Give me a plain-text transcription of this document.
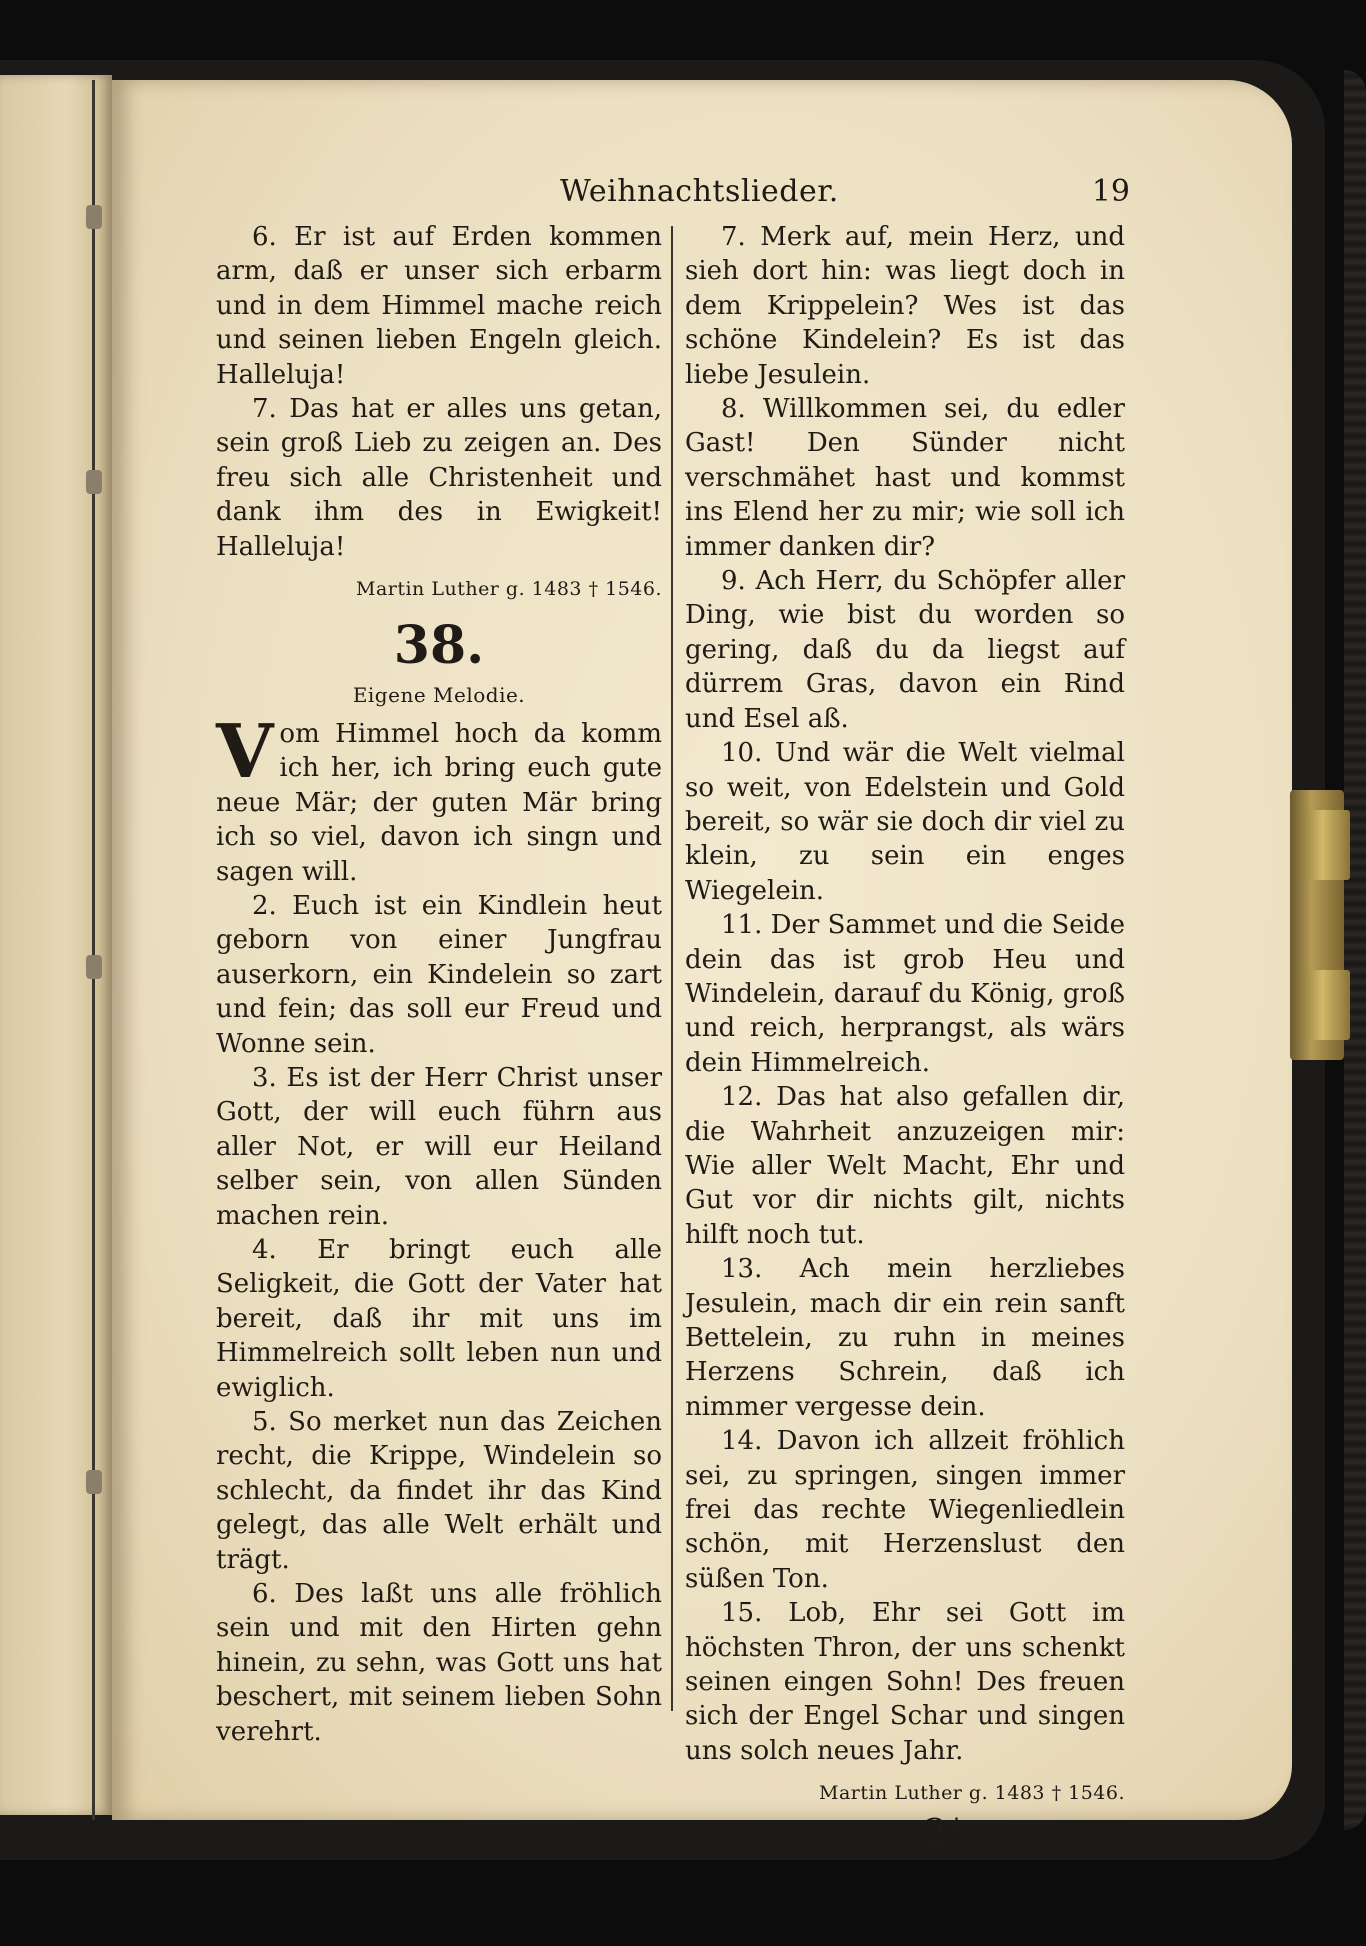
Weihnachtslieder.	19

6. Er ist auf Erden kommen arm, daß er unser sich erbarm und in dem Himmel mache reich und seinen lieben Engeln gleich. Halleluja!

7. Das hat er alles uns getan, sein groß Lieb zu zeigen an. Des freu sich alle Christenheit und dank ihm des in Ewigkeit! Halleluja!

Martin Luther g. 1483 † 1546.

38.

Eigene Melodie.

Vom Himmel hoch da komm ich her, ich bring euch gute neue Mär; der guten Mär bring ich so viel, davon ich singn und sagen will.

2. Euch ist ein Kindlein heut geborn von einer Jungfrau auserkorn, ein Kindelein so zart und fein; das soll eur Freud und Wonne sein.

3. Es ist der Herr Christ unser Gott, der will euch führn aus aller Not, er will eur Heiland selber sein, von allen Sünden machen rein.

4. Er bringt euch alle Seligkeit, die Gott der Vater hat bereit, daß ihr mit uns im Himmelreich sollt leben nun und ewiglich.

5. So merket nun das Zeichen recht, die Krippe, Windelein so schlecht, da findet ihr das Kind gelegt, das alle Welt erhält und trägt.

6. Des laßt uns alle fröhlich sein und mit den Hirten gehn hinein, zu sehn, was Gott uns hat beschert, mit seinem lieben Sohn verehrt.

7. Merk auf, mein Herz, und sieh dort hin: was liegt doch in dem Krippelein? Wes ist das schöne Kindelein? Es ist das liebe Jesulein.

8. Willkommen sei, du edler Gast! Den Sünder nicht verschmähet hast und kommst ins Elend her zu mir; wie soll ich immer danken dir?

9. Ach Herr, du Schöpfer aller Ding, wie bist du worden so gering, daß du da liegst auf dürrem Gras, davon ein Rind und Esel aß.

10. Und wär die Welt vielmal so weit, von Edelstein und Gold bereit, so wär sie doch dir viel zu klein, zu sein ein enges Wiegelein.

11. Der Sammet und die Seide dein das ist grob Heu und Windelein, darauf du König, groß und reich, herprangst, als wärs dein Himmelreich.

12. Das hat also gefallen dir, die Wahrheit anzuzeigen mir: Wie aller Welt Macht, Ehr und Gut vor dir nichts gilt, nichts hilft noch tut.

13. Ach mein herzliebes Jesulein, mach dir ein rein sanft Bettelein, zu ruhn in meines Herzens Schrein, daß ich nimmer vergesse dein.

14. Davon ich allzeit fröhlich sei, zu springen, singen immer frei das rechte Wiegenliedlein schön, mit Herzenslust den süßen Ton.

15. Lob, Ehr sei Gott im höchsten Thron, der uns schenkt seinen eingen Sohn! Des freuen sich der Engel Schar und singen uns solch neues Jahr.

Martin Luther g. 1483 † 1546.

2*
